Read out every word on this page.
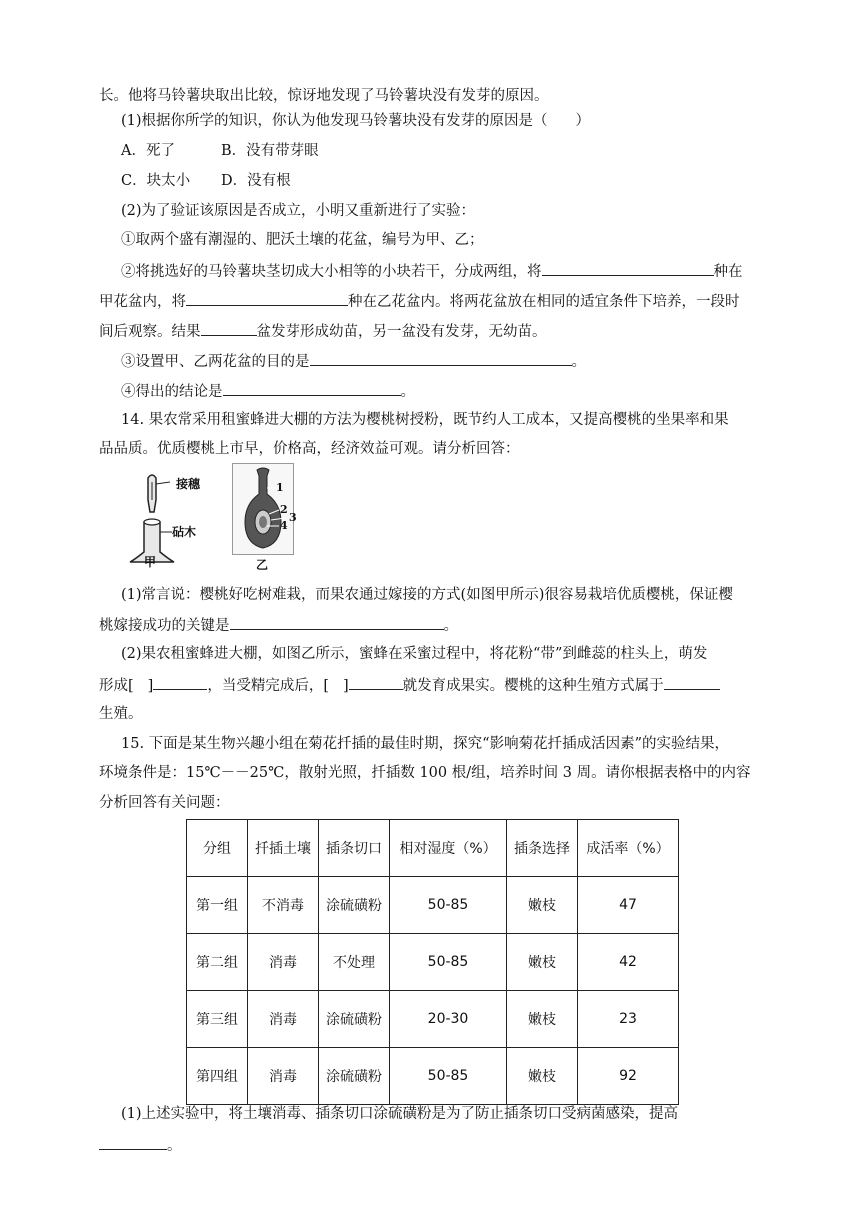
长。他将马铃薯块取出比较，惊讶地发现了马铃薯块没有发芽的原因。
(1)根据你所学的知识，你认为他发现马铃薯块没有发芽的原因是（ ）
A．死了	B．没有带芽眼
C．块太小 D．没有根
(2)为了验证该原因是否成立，小明又重新进行了实验：
①取两个盛有潮湿的、肥沃土壤的花盆，编号为甲、乙；
②将挑选好的马铃薯块茎切成大小相等的小块若干，分成两组，将	种在
甲花盆内，将	种在乙花盆内。将两花盆放在相同的适宜条件下培养，一段时
间后观察。结果	盆发芽形成幼苗，另一盆没有发芽，无幼苗。
③设置甲、乙两花盆的目的是	。
④得出的结论是	。
14. 果农常采用租蜜蜂进大棚的方法为樱桃树授粉，既节约人工成本，又提高樱桃的坐果率和果
品品质。优质樱桃上市早，价格高，经济效益可观。请分析回答：
接穗
砧木
甲
1
2
3
4
乙
(1)常言说：樱桃好吃树难栽，而果农通过嫁接的方式(如图甲所示)很容易栽培优质樱桃，保证樱
桃嫁接成功的关键是	。
(2)果农租蜜蜂进大棚，如图乙所示，蜜蜂在采蜜过程中，将花粉“带”到雌蕊的柱头上，萌发
形成[ ]	，当受精完成后，[ ]	就发育成果实。樱桃的这种生殖方式属于
生殖。
15. 下面是某生物兴趣小组在菊花扦插的最佳时期，探究“影响菊花扦插成活因素”的实验结果，
环境条件是：15℃－－25℃，散射光照，扦插数 100 根/组，培养时间 3 周。请你根据表格中的内容
分析回答有关问题：
分组	扦插土壤	插条切口	相对湿度（%）	插条选择	成活率（%）
第一组	不消毒	涂硫磺粉	50-85	嫩枝	47
第二组	消毒	不处理	50-85	嫩枝	42
第三组	消毒	涂硫磺粉	20-30	嫩枝	23
第四组	消毒	涂硫磺粉	50-85	嫩枝	92
(1)上述实验中，将土壤消毒、插条切口涂硫磺粉是为了防止插条切口受病菌感染，提高
。
